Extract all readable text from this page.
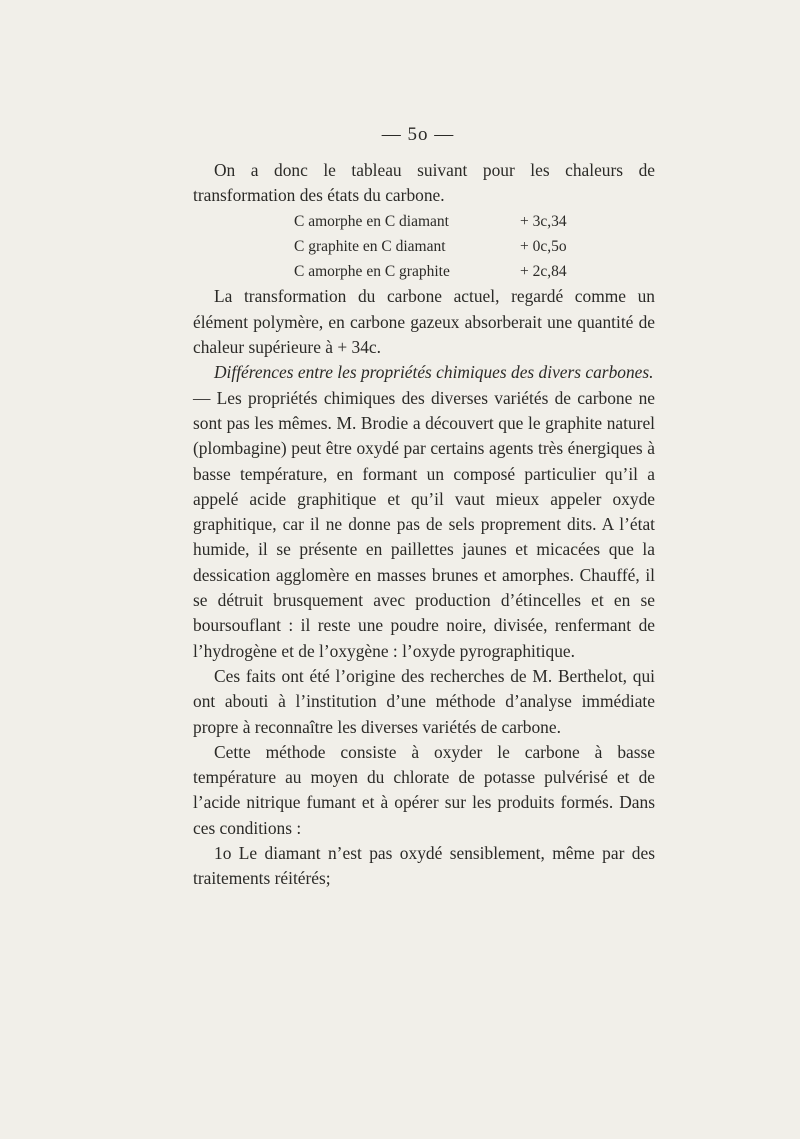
— 5o —

On a donc le tableau suivant pour les chaleurs de transformation des états du carbone.

C amorphe en C diamant	+ 3c,34
C graphite en C diamant	+ 0c,5o
C amorphe en C graphite	+ 2c,84

La transformation du carbone actuel, regardé comme un élément polymère, en carbone gazeux absorberait une quantité de chaleur supérieure à + 34c.

Différences entre les propriétés chimiques des divers carbones.

— Les propriétés chimiques des diverses variétés de carbone ne sont pas les mêmes. M. Brodie a découvert que le graphite naturel (plombagine) peut être oxydé par certains agents très énergiques à basse température, en formant un composé particulier qu’il a appelé acide graphitique et qu’il vaut mieux appeler oxyde graphitique, car il ne donne pas de sels proprement dits. A l’état humide, il se présente en paillettes jaunes et micacées que la dessication agglomère en masses brunes et amorphes. Chauffé, il se détruit brusquement avec production d’étincelles et en se boursouflant : il reste une poudre noire, divisée, renfermant de l’hydrogène et de l’oxygène : l’oxyde pyrographitique.

Ces faits ont été l’origine des recherches de M. Berthelot, qui ont abouti à l’institution d’une méthode d’analyse immédiate propre à reconnaître les diverses variétés de carbone.

Cette méthode consiste à oxyder le carbone à basse température au moyen du chlorate de potasse pulvérisé et de l’acide nitrique fumant et à opérer sur les produits formés. Dans ces conditions :

1o Le diamant n’est pas oxydé sensiblement, même par des traitements réitérés;
